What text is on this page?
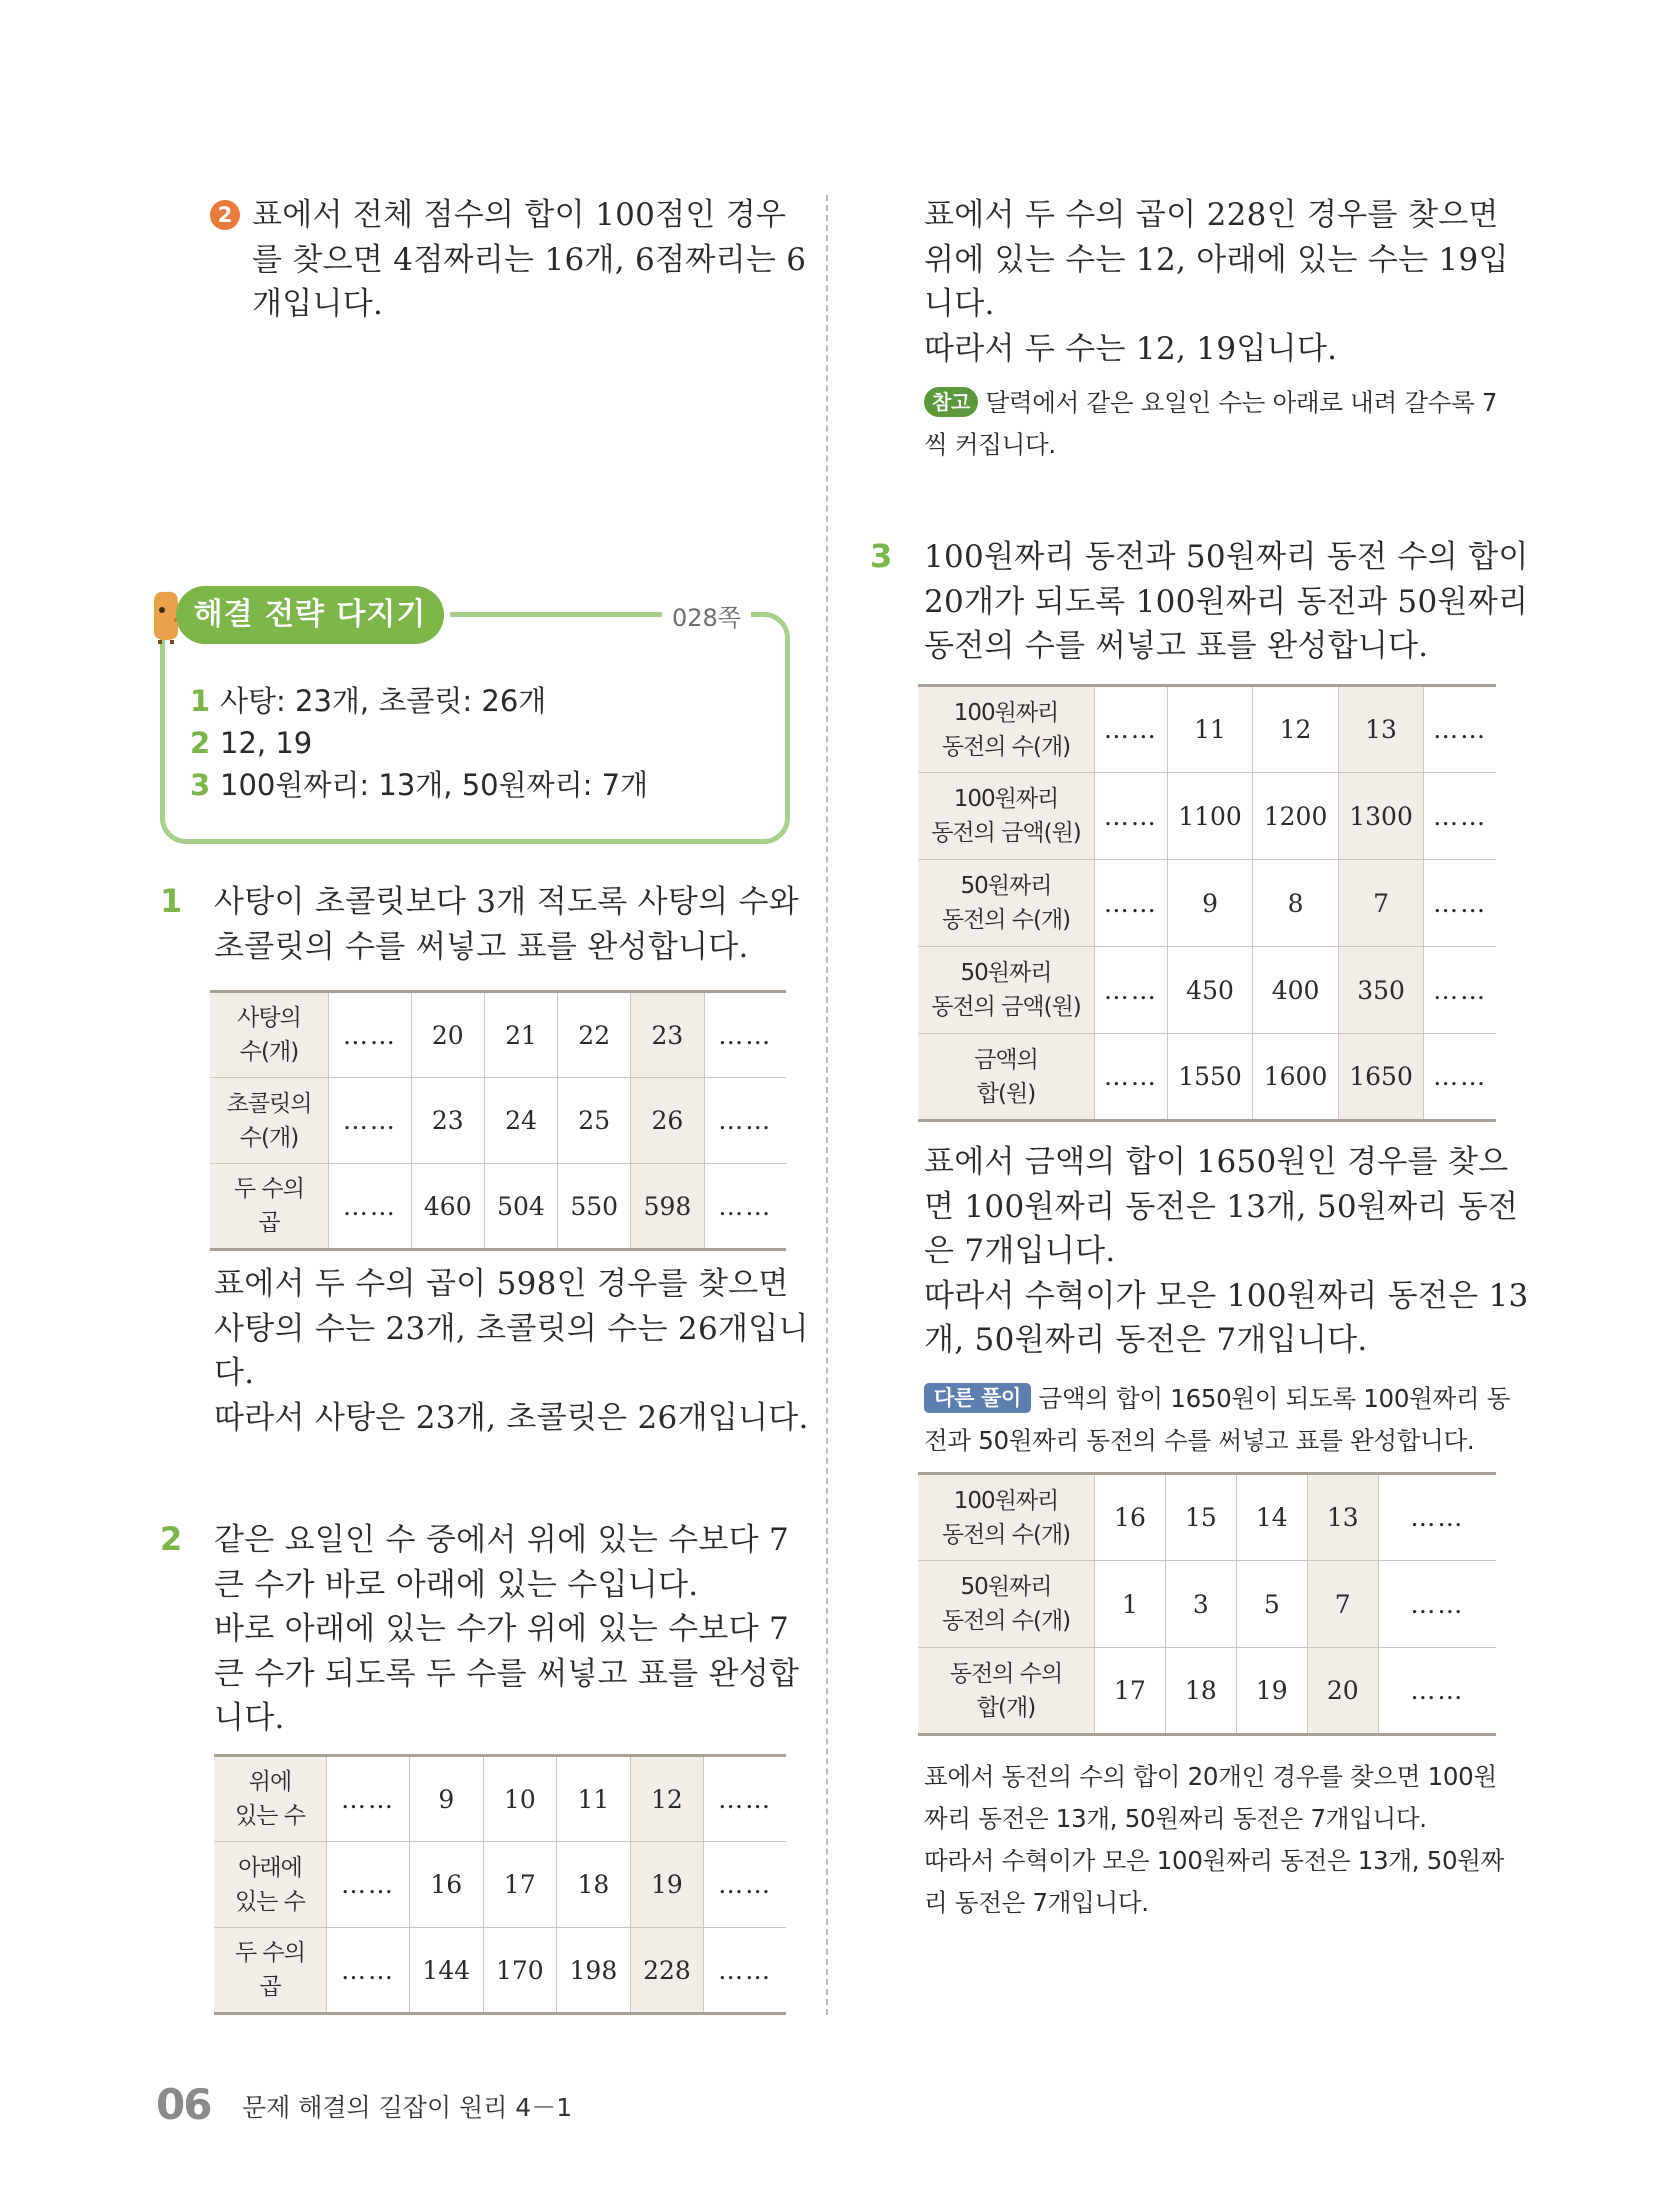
2 표에서 전체 점수의 합이 100점인 경우
를 찾으면 4점짜리는 16개, 6점짜리는 6
개입니다.
해결 전략 다지기	028쪽
1 사탕: 23개, 초콜릿: 26개
2 12, 19
3 100원짜리: 13개, 50원짜리: 7개
1 사탕이 초콜릿보다 3개 적도록 사탕의 수와
초콜릿의 수를 써넣고 표를 완성합니다.
사탕의
수(개)	……	20	21	22	23	……

초콜릿의
수(개)	……	23	24	25	26	……

두 수의
곱	……	460	504	550	598	……
표에서 두 수의 곱이 598인 경우를 찾으면
사탕의 수는 23개, 초콜릿의 수는 26개입니
다.
따라서 사탕은 23개, 초콜릿은 26개입니다.
2 같은 요일인 수 중에서 위에 있는 수보다 7
큰 수가 바로 아래에 있는 수입니다.
바로 아래에 있는 수가 위에 있는 수보다 7
큰 수가 되도록 두 수를 써넣고 표를 완성합
니다.
위에
있는 수	……	9	10	11	12	……

아래에
있는 수	……	16	17	18	19	……

두 수의
곱	……	144	170	198	228	……
표에서 두 수의 곱이 228인 경우를 찾으면
위에 있는 수는 12, 아래에 있는 수는 19입
니다.
따라서 두 수는 12, 19입니다.
참고 달력에서 같은 요일인 수는 아래로 내려 갈수록 7
씩 커집니다.
3 100원짜리 동전과 50원짜리 동전 수의 합이
20개가 되도록 100원짜리 동전과 50원짜리
동전의 수를 써넣고 표를 완성합니다.
100원짜리
동전의 수(개)	……	11	12	13	……

100원짜리
동전의 금액(원)	……	1100	1200	1300	……

50원짜리
동전의 수(개)	……	9	8	7	……

50원짜리
동전의 금액(원)	……	450	400	350	……

금액의
합(원)	……	1550	1600	1650	……
표에서 금액의 합이 1650원인 경우를 찾으
면 100원짜리 동전은 13개, 50원짜리 동전
은 7개입니다.
따라서 수혁이가 모은 100원짜리 동전은 13
개, 50원짜리 동전은 7개입니다.
다른 풀이 금액의 합이 1650원이 되도록 100원짜리 동
전과 50원짜리 동전의 수를 써넣고 표를 완성합니다.
100원짜리
동전의 수(개)	16	15	14	13	……

50원짜리
동전의 수(개)	1	3	5	7	……

동전의 수의
합(개)	17	18	19	20	……
표에서 동전의 수의 합이 20개인 경우를 찾으면 100원
짜리 동전은 13개, 50원짜리 동전은 7개입니다.
따라서 수혁이가 모은 100원짜리 동전은 13개, 50원짜
리 동전은 7개입니다.
06 문제 해결의 길잡이 원리 4－1
